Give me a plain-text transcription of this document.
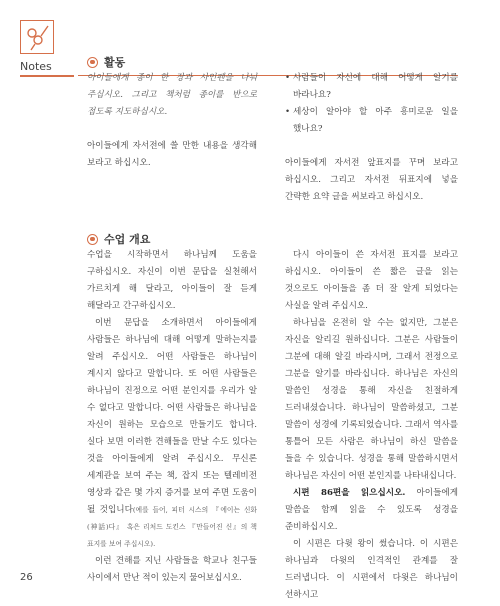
Notes	활동

아이들에게 종이 한 장과 사인펜을 나눠 주십시오. 그리고 책처럼 종이를 반으로 접도록 지도하십시오.

아이들에게 자서전에 쓸 만한 내용을 생각해 보라고 하십시오.

• 사람들이 자신에 대해 어떻게 알기를 바라나요?
• 세상이 알아야 할 아주 흥미로운 일을 했나요?

아이들에게 자서전 앞표지를 꾸며 보라고 하십시오. 그리고 자서전 뒤표지에 넣을 간략한 요약 글을 써보라고 하십시오.

수업 개요

수업을 시작하면서 하나님께 도움을 구하십시오. 자신이 이번 문답을 실천해서 가르치게 해 달라고, 아이들이 잘 듣게 해달라고 간구하십시오.

이번 문답을 소개하면서 아이들에게 사람들은 하나님에 대해 어떻게 말하는지를 알려 주십시오. 어떤 사람들은 하나님이 계시지 않다고 말합니다. 또 어떤 사람들은 하나님이 진정으로 어떤 분인지를 우리가 알 수 없다고 말합니다. 어떤 사람들은 하나님을 자신이 원하는 모습으로 만들기도 합니다. 실다 보면 이러한 견해들을 만날 수도 있다는 것을 아이들에게 알려 주십시오. 무신론 세계관을 보여 주는 책, 잡지 또는 텔레비전 영상과 같은 몇 가지 증거를 보여 주면 도움이 될 것입니다(예를 들어, 피터 시스의 『에이는 신화(神話)다』 혹은 리처드 도킨스 『만들어진 신』의 책 표지를 보여 주십시오).

이런 견해를 지닌 사람들을 학교나 친구들 사이에서 만난 적이 있는지 물어보십시오.

다시 아이들이 쓴 자서전 표지를 보라고 하십시오. 아이들이 쓴 짧은 글을 읽는 것으로도 아이들을 좀 더 잘 알게 되었다는 사실을 알려 주십시오.

하나님을 온전히 알 수는 없지만, 그분은 자신을 알리길 원하십니다. 그분은 사람들이 그분에 대해 알길 바라시며, 그래서 전정으로 그분을 알기를 바라십니다. 하나님은 자신의 말씀인 성경을 통해 자신을 친절하게 드러내셨습니다. 하나님이 말씀하셨고, 그분 말씀이 성경에 기록되었습니다. 그래서 역사를 통틀어 모든 사람은 하나님이 하신 말씀을 들을 수 있습니다. 성경을 통해 말씀하시면서 하나님은 자신이 어떤 분인지를 나타내십니다.

시편 86편을 읽으십시오. 아이들에게 말씀을 함께 읽을 수 있도록 성경을 준비하십시오.

이 시편은 다윗 왕이 썼습니다. 이 시편은 하나님과 다윗의 인격적인 관계를 잘 드러냅니다. 이 시편에서 다윗은 하나님이 선하시고

26
